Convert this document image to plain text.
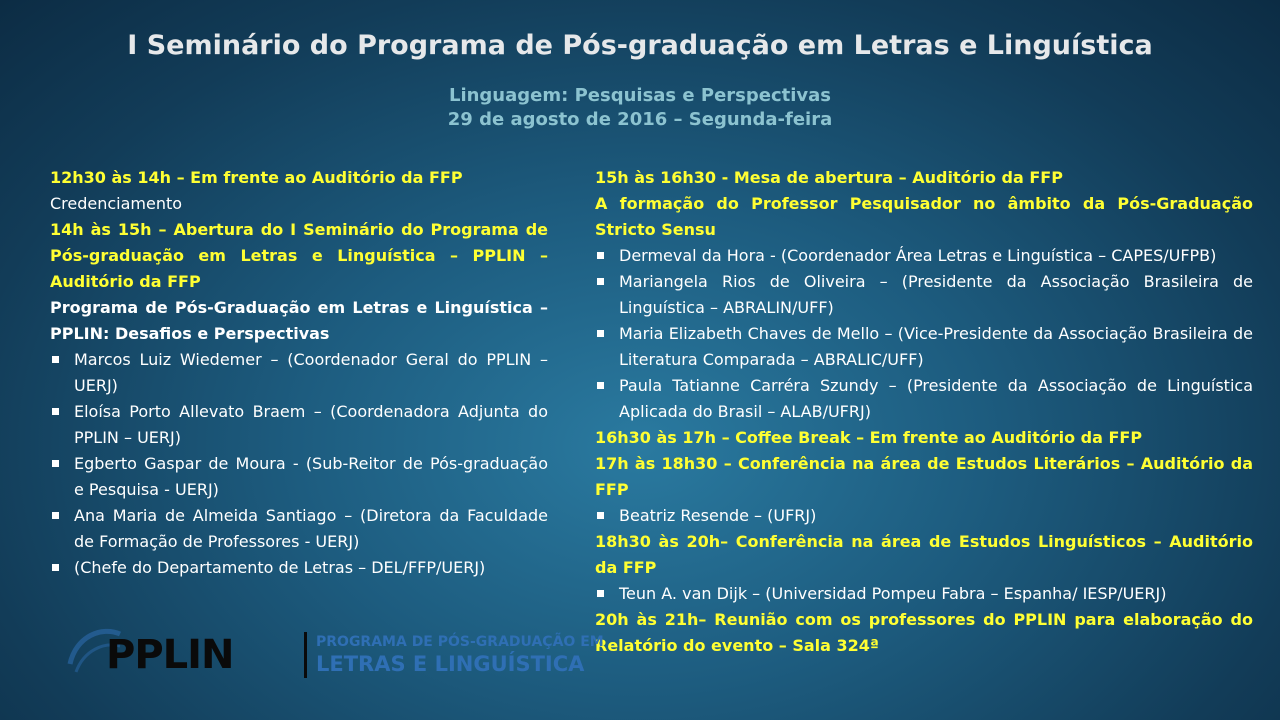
I Seminário do Programa de Pós-graduação em Letras e Linguística
Linguagem: Pesquisas e Perspectivas
29 de agosto de 2016 – Segunda-feira
12h30 às 14h – Em frente ao Auditório da FFP
Credenciamento
14h às 15h – Abertura do I Seminário do Programa de Pós-graduação em Letras e Linguística – PPLIN – Auditório da FFP
Programa de Pós-Graduação em Letras e Linguística – PPLIN: Desafios e Perspectivas
Marcos Luiz Wiedemer – (Coordenador Geral do PPLIN – UERJ)
Eloísa Porto Allevato Braem – (Coordenadora Adjunta do PPLIN – UERJ)
Egberto Gaspar de Moura - (Sub-Reitor de Pós-graduação e Pesquisa - UERJ)
Ana Maria de Almeida Santiago – (Diretora da Faculdade de Formação de Professores - UERJ)
(Chefe do Departamento de Letras – DEL/FFP/UERJ)
15h às 16h30 - Mesa de abertura – Auditório da FFP
A formação do Professor Pesquisador no âmbito da Pós-Graduação Stricto Sensu
Dermeval da Hora - (Coordenador Área Letras e Linguística – CAPES/UFPB)
Mariangela Rios de Oliveira – (Presidente da Associação Brasileira de Linguística – ABRALIN/UFF)
Maria Elizabeth Chaves de Mello – (Vice-Presidente da Associação Brasileira de Literatura Comparada – ABRALIC/UFF)
Paula Tatianne Carréra Szundy – (Presidente da Associação de Linguística Aplicada do Brasil – ALAB/UFRJ)
16h30 às 17h – Coffee Break – Em frente ao Auditório da FFP
17h às 18h30 – Conferência na área de Estudos Literários – Auditório da FFP
Beatriz Resende – (UFRJ)
18h30 às 20h– Conferência na área de Estudos Linguísticos – Auditório da FFP
Teun A. van Dijk – (Universidad Pompeu Fabra – Espanha/ IESP/UERJ)
20h às 21h– Reunião com os professores do PPLIN para elaboração do Relatório do evento – Sala 324ª
PPLIN	PROGRAMA DE PÓS-GRADUAÇÃO EM
LETRAS E LINGUÍSTICA
